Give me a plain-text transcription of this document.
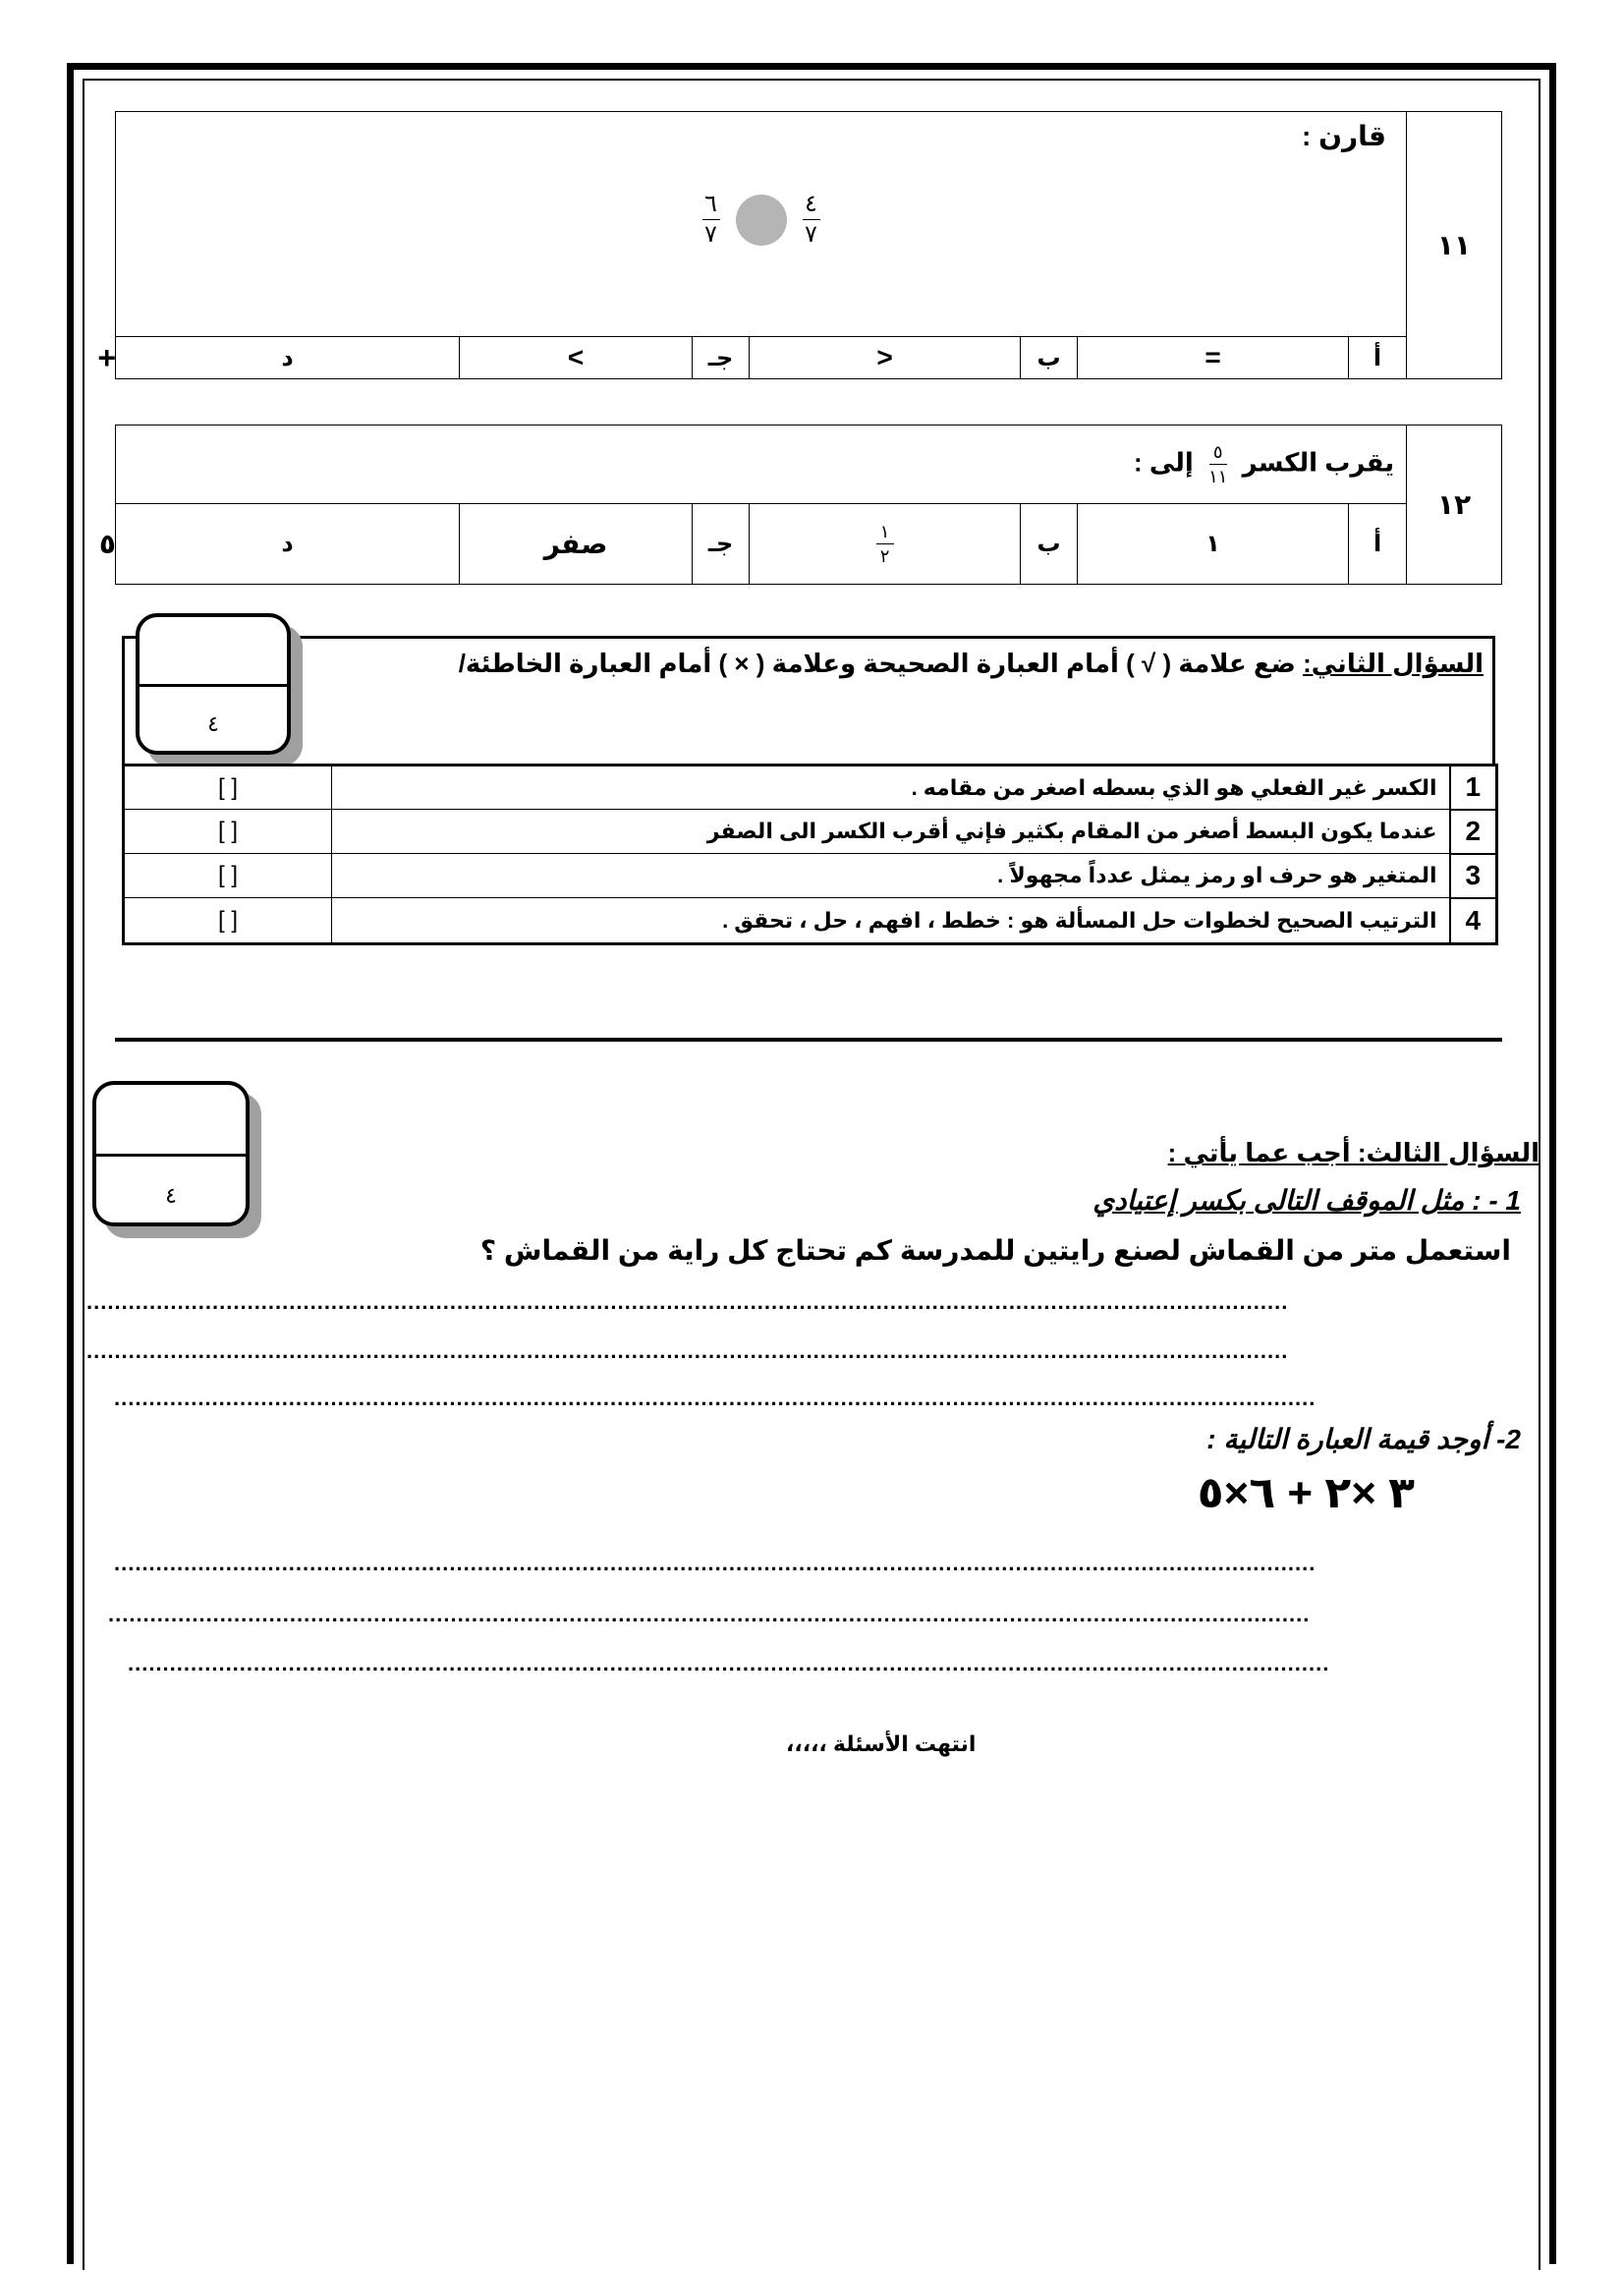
١١	قارن :
$\frac{٦}{٧} \frac{٤}{٧}$

	أ	=	ب	<	جـ	>	د	+
١٢	يقرب الكسر
$\frac{٥}{١١}$
إلى :							
	أ	١	ب	$\frac{١}{٢}$	جـ	صفر	د	٥
السؤال الثاني: ضع علامة ( √ ) أمام العبارة الصحيحة وعلامة ( × ) أمام العبارة الخاطئة/
٤
1	الكسر غير الفعلي هو الذي بسطه اصغر من مقامه .	[ ]
2	عندما يكون البسط أصغر من المقام بكثير فإني أقرب الكسر الى الصفر	[ ]
3	المتغير هو حرف او رمز يمثل عدداً مجهولاً .	[ ]
4	الترتيب الصحيح لخطوات حل المسألة هو : خطط ، افهم ، حل ، تحقق .	[ ]
٤
السؤال الثالث: أجب عما يأتي :
1 - : مثل الموقف التالى بكسر إعتيادي
استعمل متر من القماش لصنع رايتين للمدرسة كم تحتاج كل راية من القماش ؟
............................................................................................................................................................................
............................................................................................................................................................................
............................................................................................................................................................................
2- أوجد قيمة العبارة التالية :
٣ ×٢ + ٦×٥
............................................................................................................................................................................
............................................................................................................................................................................
............................................................................................................................................................................
انتهت الأسئلة ،،،،،
